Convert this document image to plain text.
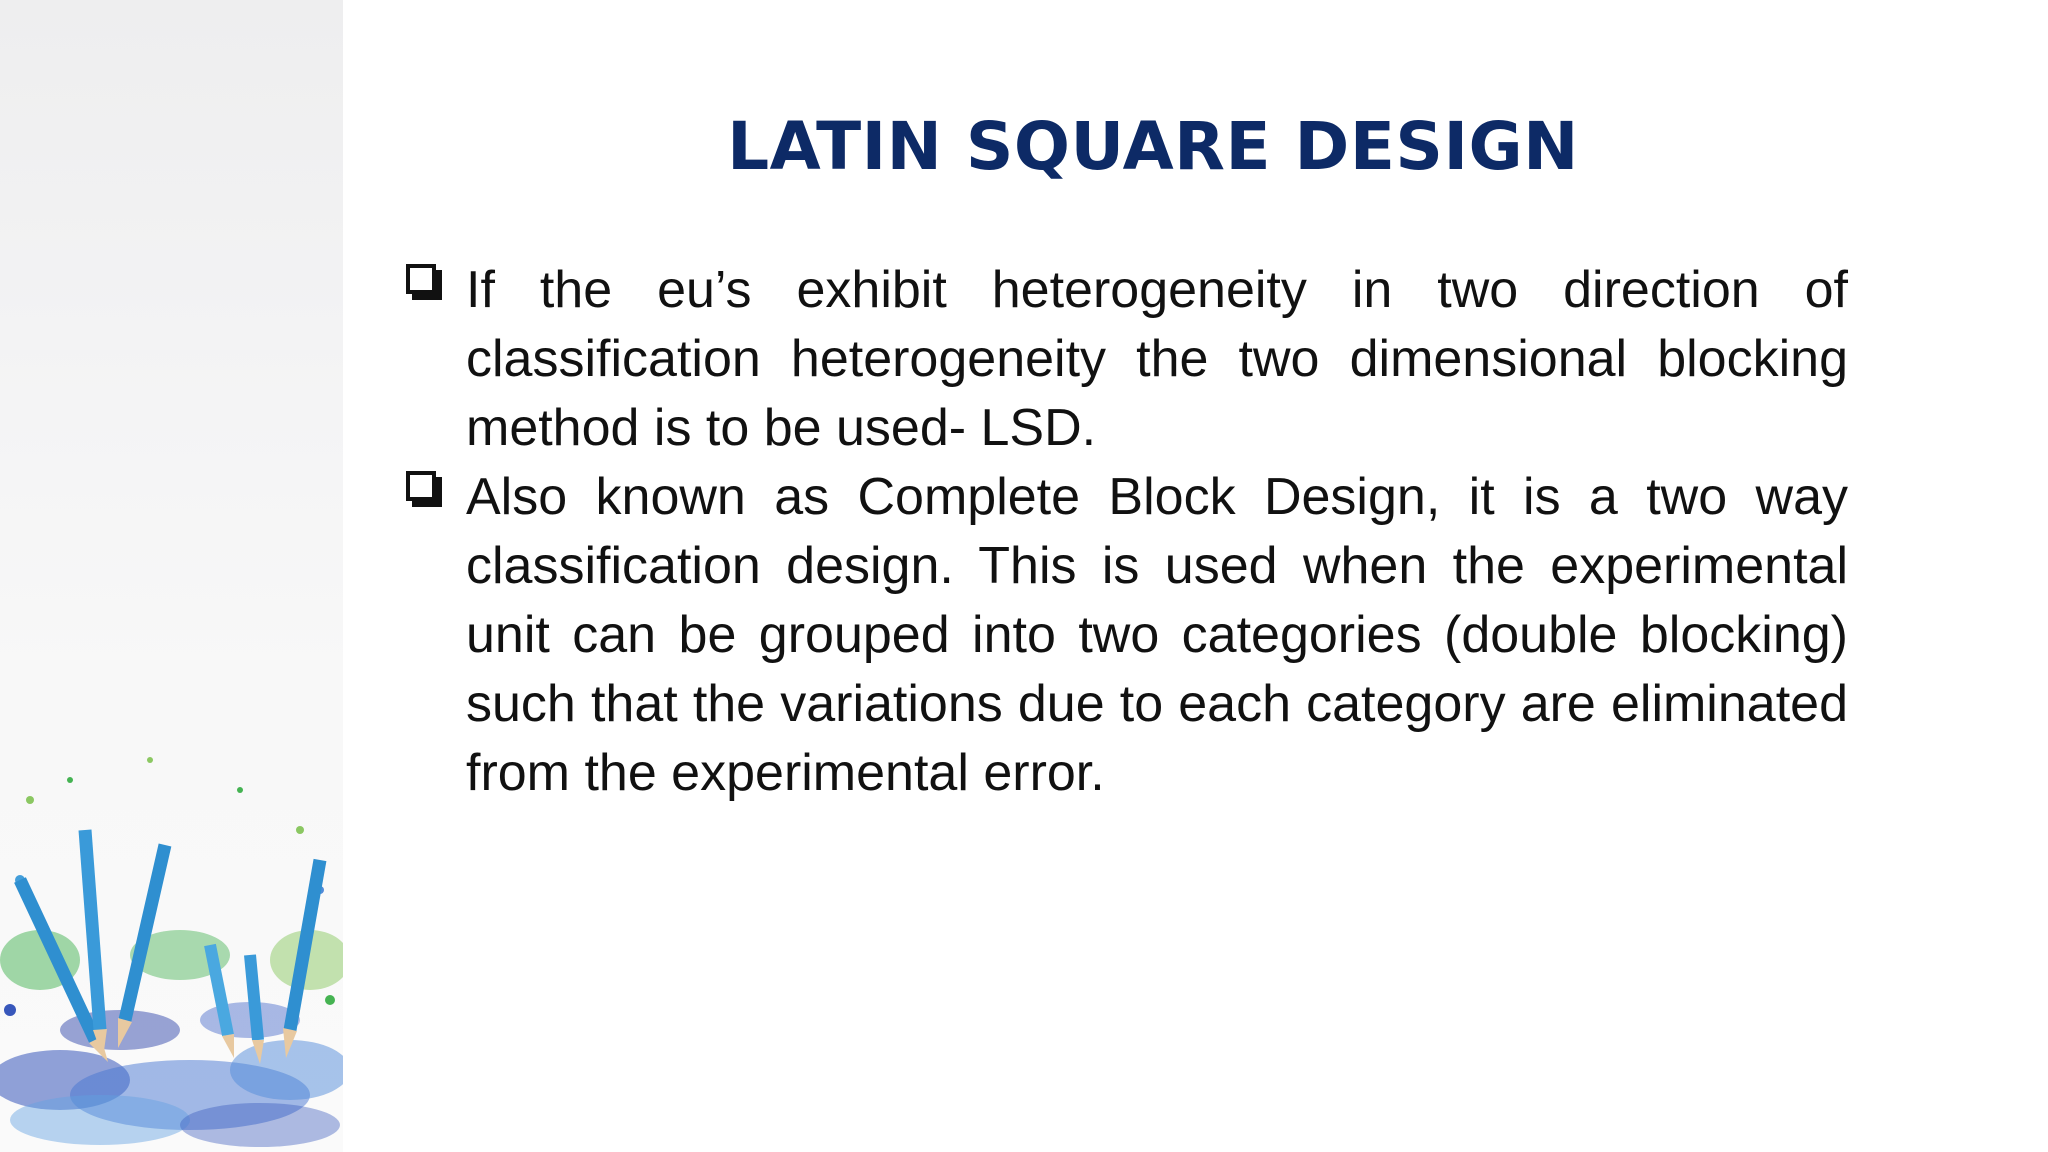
LATIN SQUARE DESIGN
If the eu’s exhibit heterogeneity in two direction of classification heterogeneity the two dimensional blocking method is to be used- LSD.
Also known as Complete Block Design, it is a two way classification design. This is used when the experimental unit can be grouped into two categories (double blocking) such that the variations due to each category are eliminated from the experimental error.
